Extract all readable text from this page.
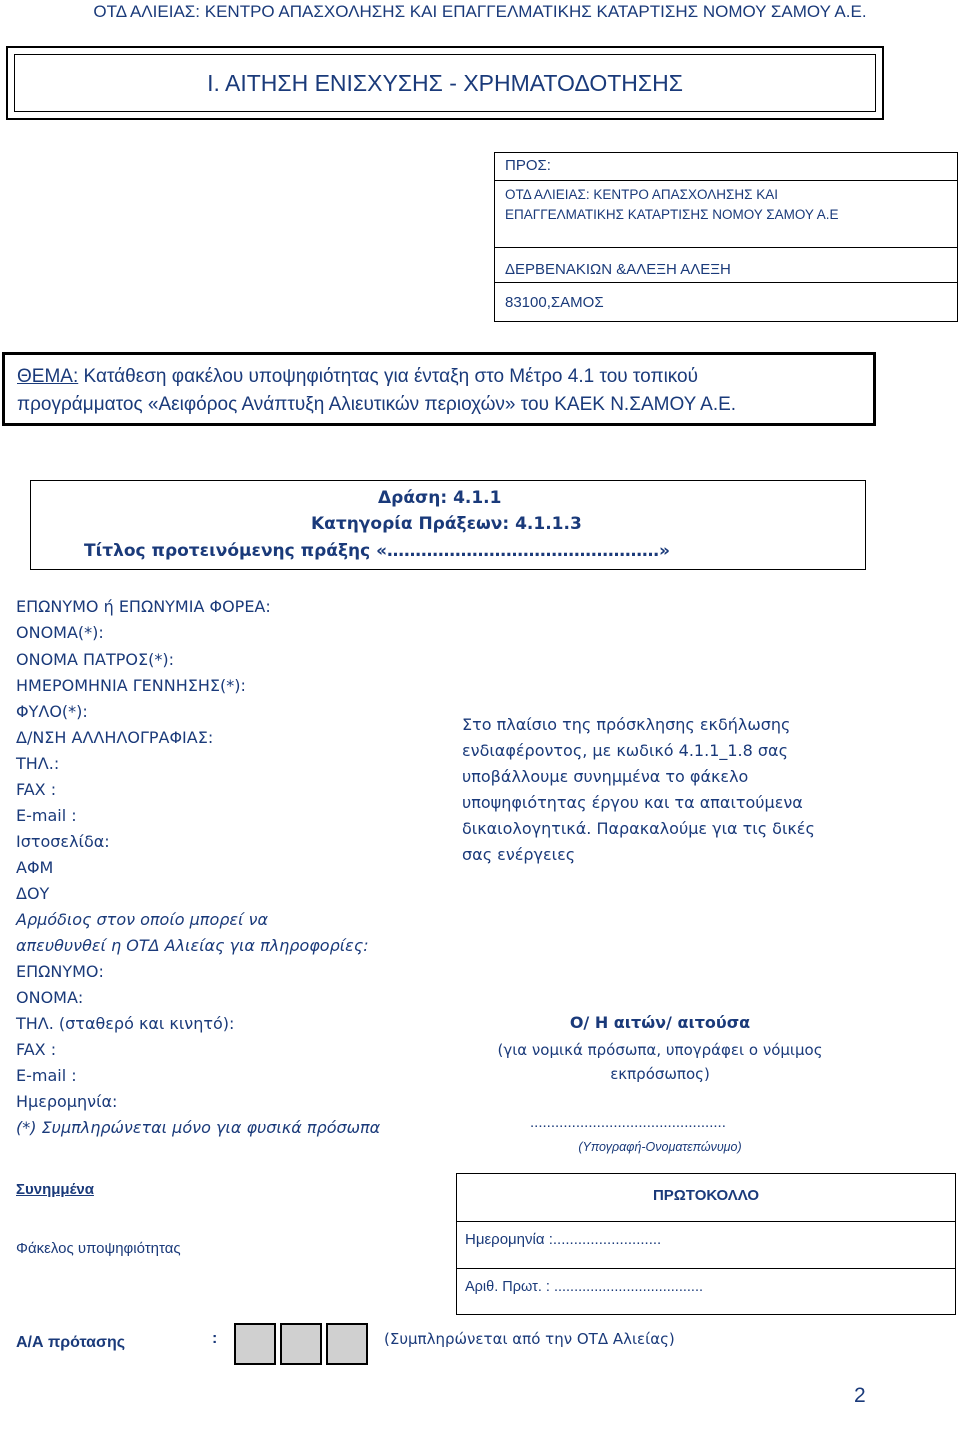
ΟΤΔ ΑΛΙΕΙΑΣ: ΚΕΝΤΡΟ ΑΠΑΣΧΟΛΗΣΗΣ ΚΑΙ ΕΠΑΓΓΕΛΜΑΤΙΚΗΣ ΚΑΤΑΡΤΙΣΗΣ ΝΟΜΟΥ ΣΑΜΟΥ Α.Ε.
Ι. ΑΙΤΗΣΗ ΕΝΙΣΧΥΣΗΣ - ΧΡΗΜΑΤΟΔΟΤΗΣΗΣ
ΠΡΟΣ:
ΟΤΔ ΑΛΙΕΙΑΣ: ΚΕΝΤΡΟ ΑΠΑΣΧΟΛΗΣΗΣ ΚΑΙ
ΕΠΑΓΓΕΛΜΑΤΙΚΗΣ ΚΑΤΑΡΤΙΣΗΣ ΝΟΜΟΥ ΣΑΜΟΥ Α.Ε
ΔΕΡΒΕΝΑΚΙΩΝ &ΑΛΕΞΗ ΑΛΕΞΗ
83100,ΣΑΜΟΣ
ΘΕΜΑ: Κατάθεση φακέλου υποψηφιότητας για ένταξη στο Μέτρο 4.1 του τοπικού
προγράμματος «Αειφόρος Ανάπτυξη Αλιευτικών περιοχών» του ΚΑΕΚ Ν.ΣΑΜΟΥ Α.Ε.
Δράση: 4.1.1
Κατηγορία Πράξεων: 4.1.1.3
Τίτλος προτεινόμενης πράξης «…………………………………………»
ΕΠΩΝΥΜΟ ή ΕΠΩΝΥΜΙΑ ΦΟΡΕΑ:
ΟΝΟΜΑ(*):
ΟΝΟΜΑ ΠΑΤΡΟΣ(*):
ΗΜΕΡΟΜΗΝΙΑ ΓΕΝΝΗΣΗΣ(*):
ΦΥΛΟ(*):
Δ/ΝΣΗ ΑΛΛΗΛΟΓΡΑΦΙΑΣ:
ΤΗΛ.:
FAX :
E-mail :
Ιστοσελίδα:
ΑΦΜ
ΔΟΥ
Αρμόδιος στον οποίο μπορεί να
απευθυνθεί η ΟΤΔ Αλιείας για πληροφορίες:
ΕΠΩΝΥΜΟ:
ΟΝΟΜΑ:
ΤΗΛ. (σταθερό και κινητό):
FAX :
E-mail :
Ημερομηνία:
(*) Συμπληρώνεται μόνο για φυσικά πρόσωπα
Στο πλαίσιο της πρόσκλησης εκδήλωσης
ενδιαφέροντος, με κωδικό 4.1.1_1.8 σας
υποβάλλουμε συνημμένα το φάκελο
υποψηφιότητας έργου και τα απαιτούμενα
δικαιολογητικά. Παρακαλούμε για τις δικές
σας ενέργειες
Ο/ Η αιτών/ αιτούσα
(για νομικά πρόσωπα, υπογράφει ο νόμιμος
εκπρόσωπος)
...............................................
(Υπογραφή-Ονοματεπώνυμο)
Συνημμένα
Φάκελος υποψηφιότητας
ΠΡΩΤΟΚΟΛΛΟ
Ημερομηνία :..........................
Αριθ. Πρωτ. : .....................................
Α/Α πρότασης	:	(Συμπληρώνεται από την ΟΤΔ Αλιείας)
2
